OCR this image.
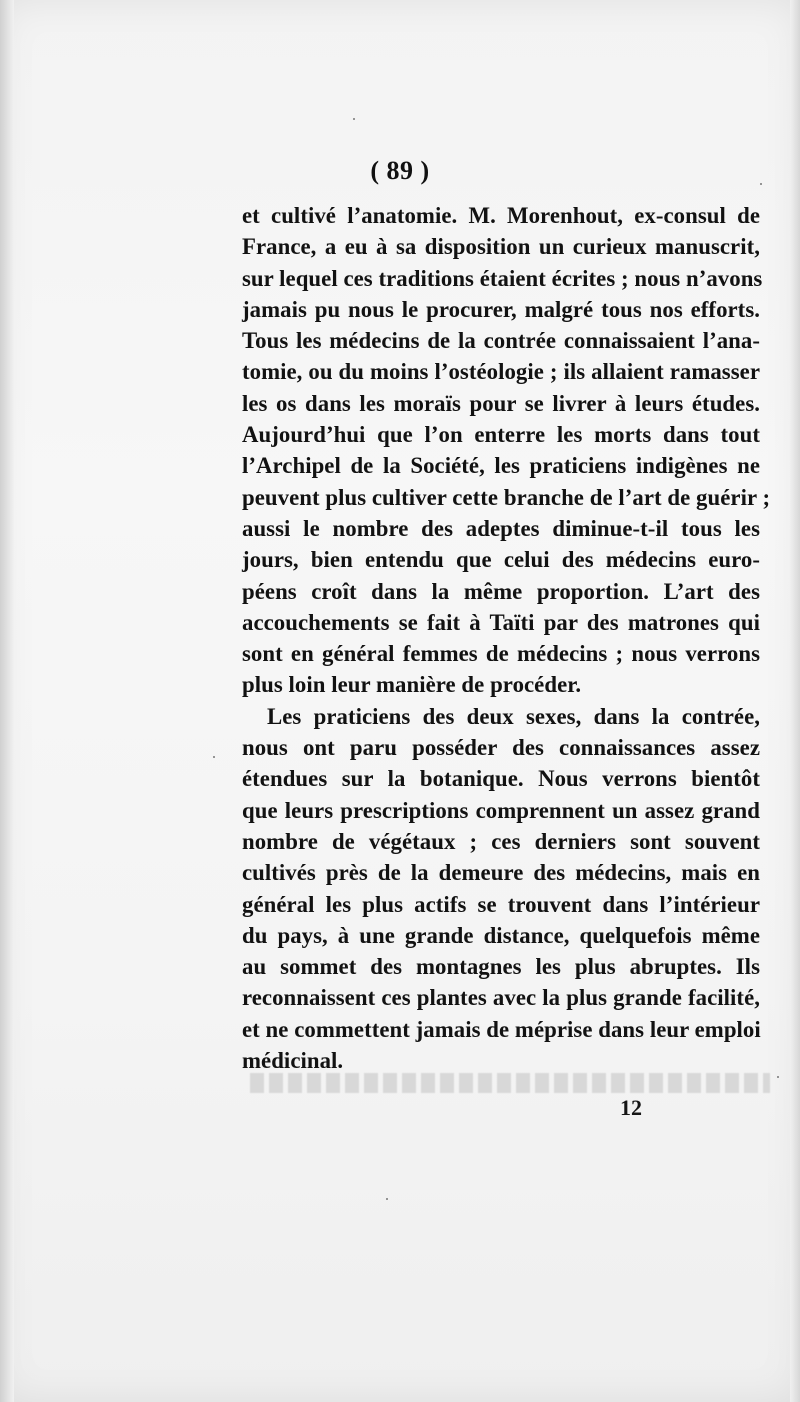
( 89 )
et cultivé l’anatomie. M. Morenhout, ex-consul de
France, a eu à sa disposition un curieux manuscrit,
sur lequel ces traditions étaient écrites ; nous n’avons
jamais pu nous le procurer, malgré tous nos efforts.
Tous les médecins de la contrée connaissaient l’ana-
tomie, ou du moins l’ostéologie ; ils allaient ramasser
les os dans les moraïs pour se livrer à leurs études.
Aujourd’hui que l’on enterre les morts dans tout
l’Archipel de la Société, les praticiens indigènes ne
peuvent plus cultiver cette branche de l’art de guérir ;
aussi le nombre des adeptes diminue-t-il tous les
jours, bien entendu que celui des médecins euro-
péens croît dans la même proportion. L’art des
accouchements se fait à Taïti par des matrones qui
sont en général femmes de médecins ; nous verrons
plus loin leur manière de procéder.
Les praticiens des deux sexes, dans la contrée,
nous ont paru posséder des connaissances assez
étendues sur la botanique. Nous verrons bientôt
que leurs prescriptions comprennent un assez grand
nombre de végétaux ; ces derniers sont souvent
cultivés près de la demeure des médecins, mais en
général les plus actifs se trouvent dans l’intérieur
du pays, à une grande distance, quelquefois même
au sommet des montagnes les plus abruptes. Ils
reconnaissent ces plantes avec la plus grande facilité,
et ne commettent jamais de méprise dans leur emploi
médicinal.
12
